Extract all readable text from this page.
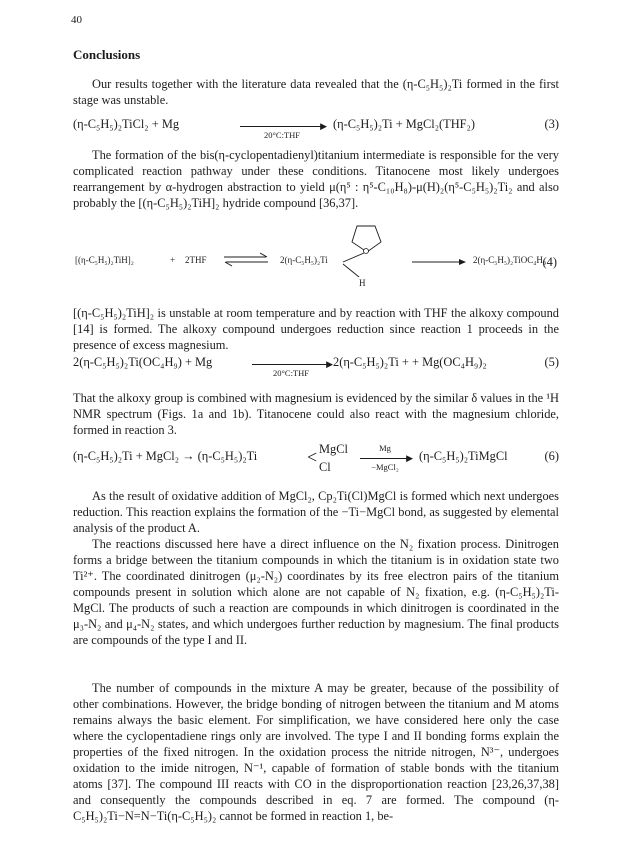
40
Conclusions

Our results together with the literature data revealed that the (η-C₅H₅)₂Ti formed in the first stage was unstable.

(η-C₅H₅)₂TiCl₂ + Mg	▶
20°C:THF
(η-C₅H₅)₂Ti + MgCl₂(THF₂)	(3)

The formation of the bis(η-cyclopentadienyl)titanium intermediate is responsible for the very complicated reaction pathway under these conditions. Titanocene most likely undergoes rearrangement by α-hydrogen abstraction to yield μ(η⁵ : η⁵-C₁₀H₈)-μ(H)₂(η⁵-C₅H₅)₂Ti₂ and also probably the [(η-C₅H₅)₂TiH]₂ hydride compound [36,37].

[(η-C₅H₅)₂TiH]₂	+ 2THF	2(η-C₅H₅)₂Ti
H
2(η-C₅H₅)₂TiOC₄H₉
(4)

[(η-C₅H₅)₂TiH]₂ is unstable at room temperature and by reaction with THF the alkoxy compound [14] is formed. The alkoxy compound undergoes reduction since reaction 1 proceeds in the presence of excess magnesium.

2(η-C₅H₅)₂Ti(OC₄H₉) + Mg	▶
20°C:THF
2(η-C₅H₅)₂Ti + + Mg(OC₄H₉)₂	(5)

That the alkoxy group is combined with magnesium is evidenced by the similar δ values in the ¹H NMR spectrum (Figs. 1a and 1b). Titanocene could also react with the magnesium chloride, formed in reaction 3.

(η-C₅H₅)₂Ti + MgCl₂ → (η-C₅H₅)₂Ti	< MgCl
Cl
Mg
▶
−MgCl₂
(η-C₅H₅)₂TiMgCl	(6)

As the result of oxidative addition of MgCl₂, Cp₂Ti(Cl)MgCl is formed which next undergoes reduction. This reaction explains the formation of the −Ti−MgCl bond, as suggested by elemental analysis of the product A.

The reactions discussed here have a direct influence on the N₂ fixation process. Dinitrogen forms a bridge between the titanium compounds in which the titanium is in oxidation state two Ti²⁺. The coordinated dinitrogen (μ₂-N₂) coordinates by its free electron pairs of the titanium compounds present in solution which alone are not capable of N₂ fixation, e.g. (η-C₅H₅)₂Ti-MgCl. The products of such a reaction are compounds in which dinitrogen is coordinated in the μ₃-N₂ and μ₄-N₂ states, and which undergoes further reduction by magnesium. The final products are compounds of the type I and II.

The number of compounds in the mixture A may be greater, because of the possibility of other combinations. However, the bridge bonding of nitrogen between the titanium and M atoms remains always the basic element. For simplification, we have considered here only the case where the cyclopentadiene rings only are involved. The type I and II bonding forms explain the properties of the fixed nitrogen. In the oxidation process the nitride nitrogen, N³⁻, undergoes oxidation to the imide nitrogen, N⁻¹, capable of formation of stable bonds with the titanium atoms [37]. The compound III reacts with CO in the disproportionation reaction [23,26,37,38] and consequently the compounds described in eq. 7 are formed. The compound (η-C₅H₅)₂Ti−N=N−Ti(η-C₅H₅)₂ cannot be formed in reaction 1, be-
